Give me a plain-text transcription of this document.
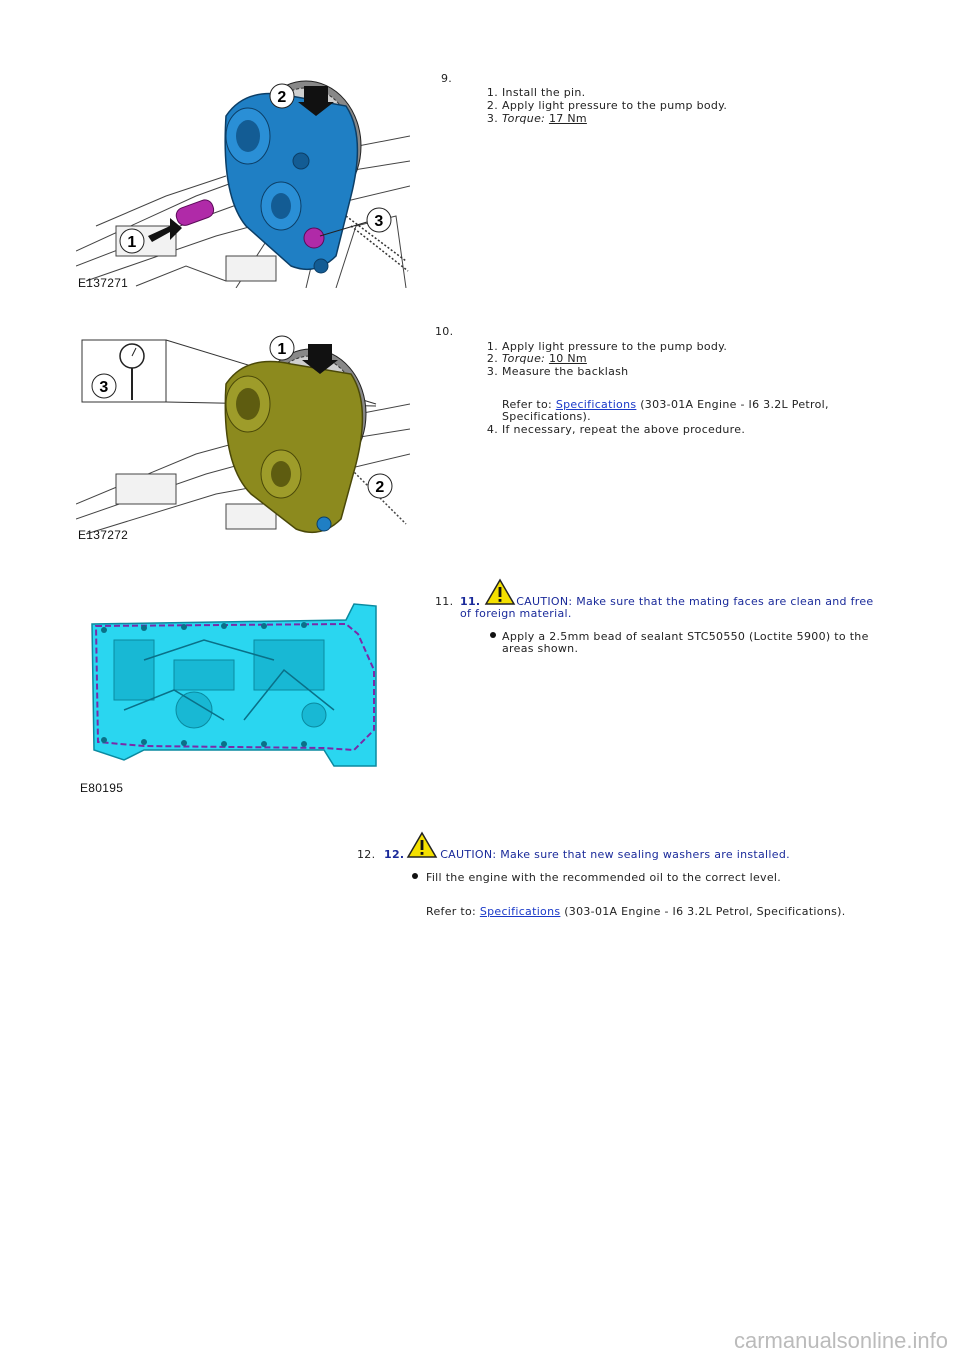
9.
1
2
3
E137271
1. Install the pin.
2. Apply light pressure to the pump body.
3. Torque: 17 Nm
10.
3
1
2
E137272
1. Apply light pressure to the pump body.
2. Torque: 10 Nm
3. Measure the backlash
Refer to: Specifications (303-01A Engine - I6 3.2L Petrol,
Specifications).
4. If necessary, repeat the above procedure.
11.
E80195
11.	CAUTION: Make sure that the mating faces are clean and free
of foreign material.
Apply a 2.5mm bead of sealant STC50550 (Loctite 5900) to the
areas shown.
12. 12.	CAUTION: Make sure that new sealing washers are installed.
Fill the engine with the recommended oil to the correct level.
Refer to: Specifications (303-01A Engine - I6 3.2L Petrol, Specifications).
carmanualsonline.info
